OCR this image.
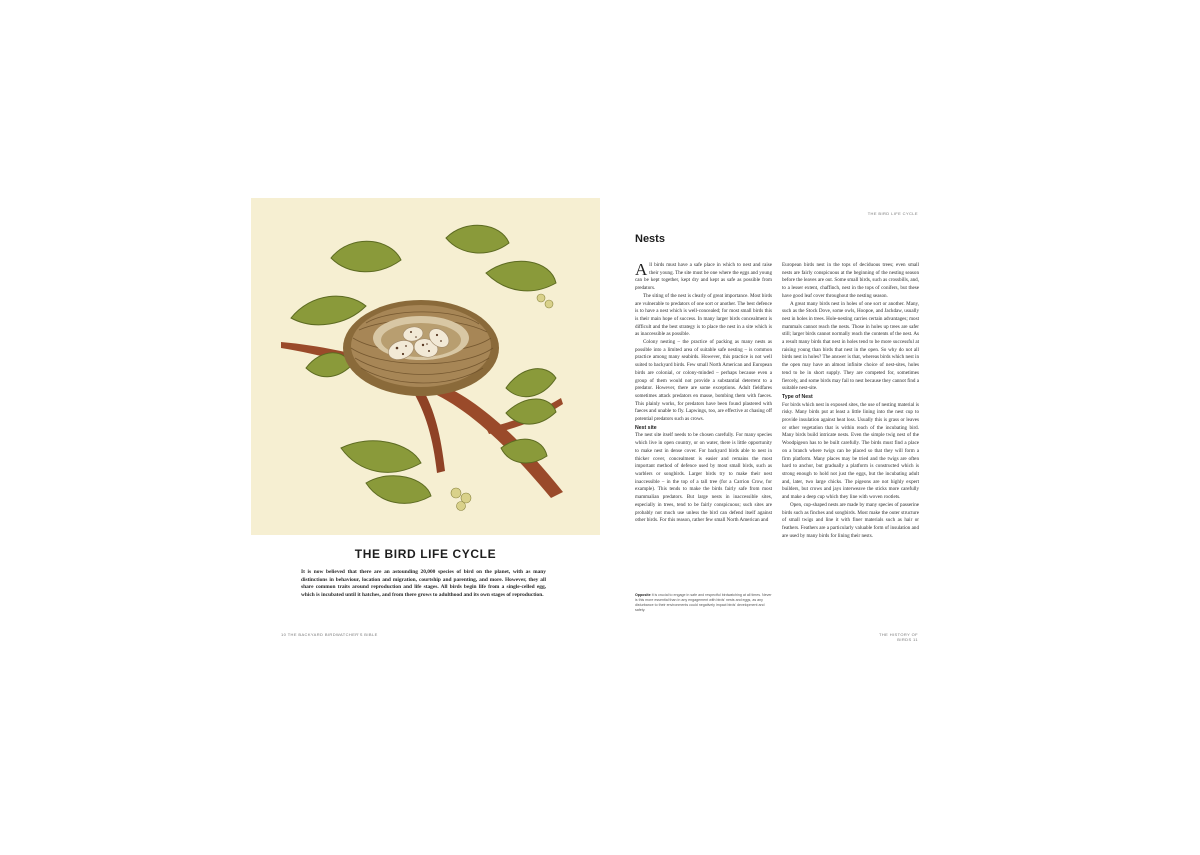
THE BIRD LIFE CYCLE
It is now believed that there are an astounding 20,000 species of bird on the planet, with as many distinctions in behaviour, location and migration, courtship and parenting, and more. However, they all share common traits around reproduction and life stages. All birds begin life from a single-celled egg, which is incubated until it hatches, and from there grows to adulthood and its own stages of reproduction.
10 THE BACKYARD BIRDWATCHER'S BIBLE
THE BIRD LIFE CYCLE
Nests

All birds must have a safe place in which to nest and raise their young. The site must be one where the eggs and young can be kept together, kept dry and kept as safe as possible from predators.

The siting of the nest is clearly of great importance. Most birds are vulnerable to predators of one sort or another. The best defence is to have a nest which is well-concealed; for most small birds this is their main hope of success. In many larger birds concealment is difficult and the best strategy is to place the nest in a site which is as inaccessible as possible.

Colony nesting – the practice of packing as many nests as possible into a limited area of suitable safe nesting – is common practice among many seabirds. However, this practice is not well suited to backyard birds. Few small North American and European birds are colonial, or colony-minded – perhaps because even a group of them would not provide a substantial deterrent to a predator. However, there are some exceptions. Adult fieldfares sometimes attack predators en masse, bombing them with faeces. This plainly works, for predators have been found plastered with faeces and unable to fly. Lapwings, too, are effective at chasing off potential predators such as crows.

Nest site

The nest site itself needs to be chosen carefully. For many species which live in open country, or on water, there is little opportunity to make nest in dense cover. For backyard birds able to nest in thicker cover, concealment is easier and remains the most important method of defence used by most small birds, such as warblers or songbirds. Larger birds try to make their nest inaccessible – in the top of a tall tree (for a Carrion Crow, for example). This tends to make the birds fairly safe from most mammalian predators. But large nests in inaccessible sites, especially in trees, tend to be fairly conspicuous; such sites are probably not much use unless the bird can defend itself against other birds. For this reason, rather few small North American and

European birds nest in the tops of deciduous trees; even small nests are fairly conspicuous at the beginning of the nesting season before the leaves are out. Some small birds, such as crossbills, and, to a lesser extent, chaffinch, nest in the tops of conifers, but these have good leaf cover throughout the nesting season.

A great many birds nest in holes of one sort or another. Many, such as the Stock Dove, some owls, Hoopoe, and Jackdaw, usually nest in holes in trees. Hole-nesting carries certain advantages; most mammals cannot reach the nests. Those in holes up trees are safer still; larger birds cannot normally reach the contents of the nest. As a result many birds that nest in holes tend to be more successful at raising young than birds that nest in the open. So why do not all birds nest in holes? The answer is that, whereas birds which nest in the open may have an almost infinite choice of nest-sites, holes tend to be in short supply. They are competed for, sometimes fiercely, and some birds may fail to nest because they cannot find a suitable nest-site.

Type of Nest

For birds which nest in exposed sites, the use of nesting material is risky. Many birds put at least a little lining into the nest cup to provide insulation against heat loss. Usually this is grass or leaves or other vegetation that is within reach of the incubating bird. Many birds build intricate nests. Even the simple twig nest of the Woodpigeon has to be built carefully. The birds must find a place on a branch where twigs can be placed so that they will form a firm platform. Many places may be tried and the twigs are often hard to anchor, but gradually a platform is constructed which is strong enough to hold not just the eggs, but the incubating adult and, later, two large chicks. The pigeons are not highly expert builders, but crows and jays interweave the sticks more carefully and make a deep cup which they line with woven rootlets.

Open, cup-shaped nests are made by many species of passerine birds such as finches and songbirds. Most make the outer structure of small twigs and line it with finer materials such as hair or feathers. Feathers are a particularly valuable form of insulation and are used by many birds for lining their nests.

Opposite It is crucial to engage in safe and respectful birdwatching at all times. Never is this more essential than in any engagement with birds' nests and eggs, as any disturbance to their environments could negatively impact birds' development and safety.
THE HISTORY OF BIRDS 11
